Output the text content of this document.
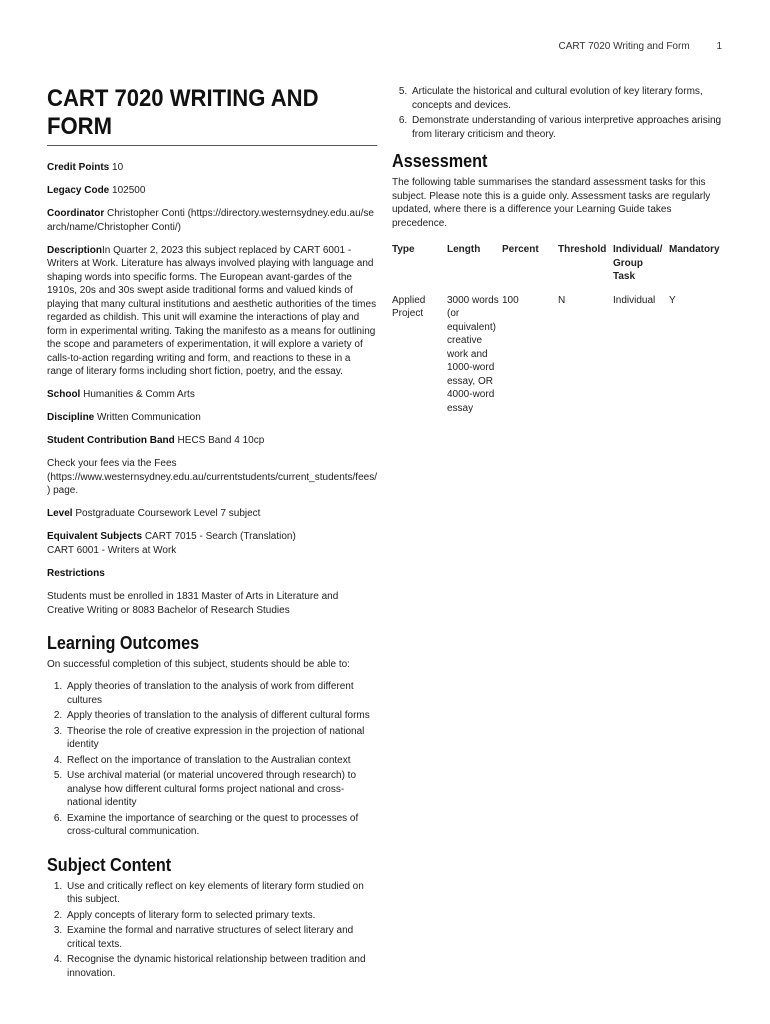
CART 7020 Writing and Form	1
CART 7020 WRITING AND FORM

Credit Points 10

Legacy Code 102500

Coordinator Christopher Conti (https://directory.westernsydney.edu.au/search/name/Christopher Conti/)

DescriptionIn Quarter 2, 2023 this subject replaced by CART 6001 - Writers at Work. Literature has always involved playing with language and shaping words into specific forms. The European avant-gardes of the 1910s, 20s and 30s swept aside traditional forms and valued kinds of playing that many cultural institutions and aesthetic authorities of the times regarded as childish. This unit will examine the interactions of play and form in experimental writing. Taking the manifesto as a means for outlining the scope and parameters of experimentation, it will explore a variety of calls-to-action regarding writing and form, and reactions to these in a range of literary forms including short fiction, poetry, and the essay.

School Humanities & Comm Arts

Discipline Written Communication

Student Contribution Band HECS Band 4 10cp

Check your fees via the Fees (https://www.westernsydney.edu.au/currentstudents/current_students/fees/) page.

Level Postgraduate Coursework Level 7 subject

Equivalent Subjects CART 7015 - Search (Translation)
CART 6001 - Writers at Work

Restrictions

Students must be enrolled in 1831 Master of Arts in Literature and Creative Writing or 8083 Bachelor of Research Studies

Learning Outcomes

On successful completion of this subject, students should be able to:

1. Apply theories of translation to the analysis of work from different cultures
2. Apply theories of translation to the analysis of different cultural forms
3. Theorise the role of creative expression in the projection of national identity
4. Reflect on the importance of translation to the Australian context
5. Use archival material (or material uncovered through research) to analyse how different cultural forms project national and cross-national identity
6. Examine the importance of searching or the quest to processes of cross-cultural communication.
Subject Content
1. Use and critically reflect on key elements of literary form studied on this subject.
2. Apply concepts of literary form to selected primary texts.
3. Examine the formal and narrative structures of select literary and critical texts.
4. Recognise the dynamic historical relationship between tradition and innovation.
5. Articulate the historical and cultural evolution of key literary forms, concepts and devices.
6. Demonstrate understanding of various interpretive approaches arising from literary criticism and theory.
Assessment

The following table summarises the standard assessment tasks for this subject. Please note this is a guide only. Assessment tasks are regularly updated, where there is a difference your Learning Guide takes precedence.

Type	Length	Percent	Threshold	Individual/ Group Task	Mandatory
Applied Project	3000 words (or equivalent) creative work and 1000-word essay, OR 4000-word essay	100	N	Individual	Y
